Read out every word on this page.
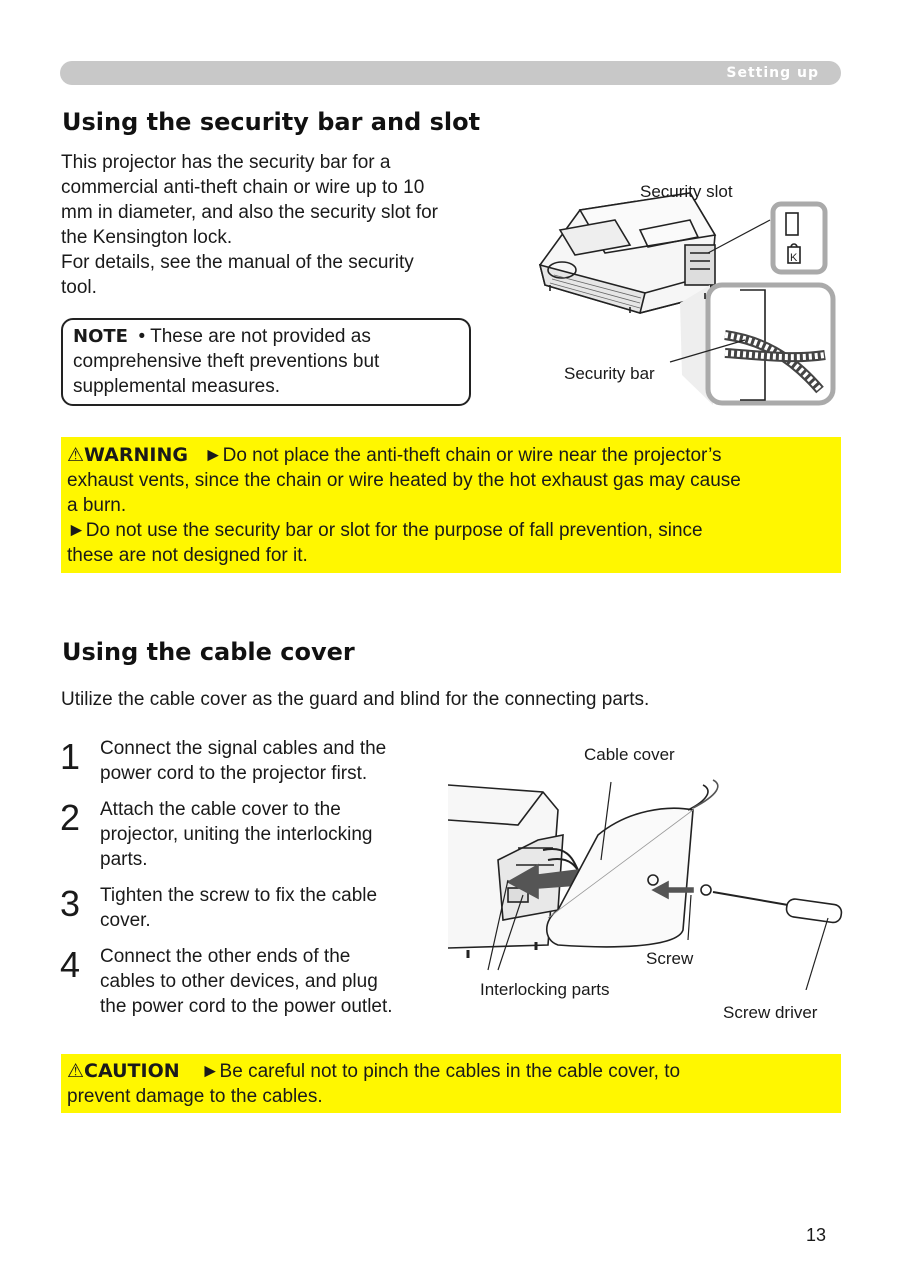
Setting up
Using the security bar and slot
This projector has the security bar for a
commercial anti-theft chain or wire up to 10
mm in diameter, and also the security slot for
the Kensington lock.
For details, see the manual of the security
tool.
NOTE • These are not provided as
comprehensive theft preventions but
supplemental measures.
K
Security slot
Security bar
⚠WARNING ►Do not place the anti-theft chain or wire near the projector’s
exhaust vents, since the chain or wire heated by the hot exhaust gas may cause
a burn.
►Do not use the security bar or slot for the purpose of fall prevention, since
these are not designed for it.
Using the cable cover
Utilize the cable cover as the guard and blind for the connecting parts.
1	Connect the signal cables and the
power cord to the projector first.
2	Attach the cable cover to the
projector, uniting the interlocking
parts.
3	Tighten the screw to fix the cable
cover.
4	Connect the other ends of the
cables to other devices, and plug
the power cord to the power outlet.
Cable cover
Screw
Interlocking parts
Screw driver
⚠CAUTION ►Be careful not to pinch the cables in the cable cover, to
prevent damage to the cables.
13
